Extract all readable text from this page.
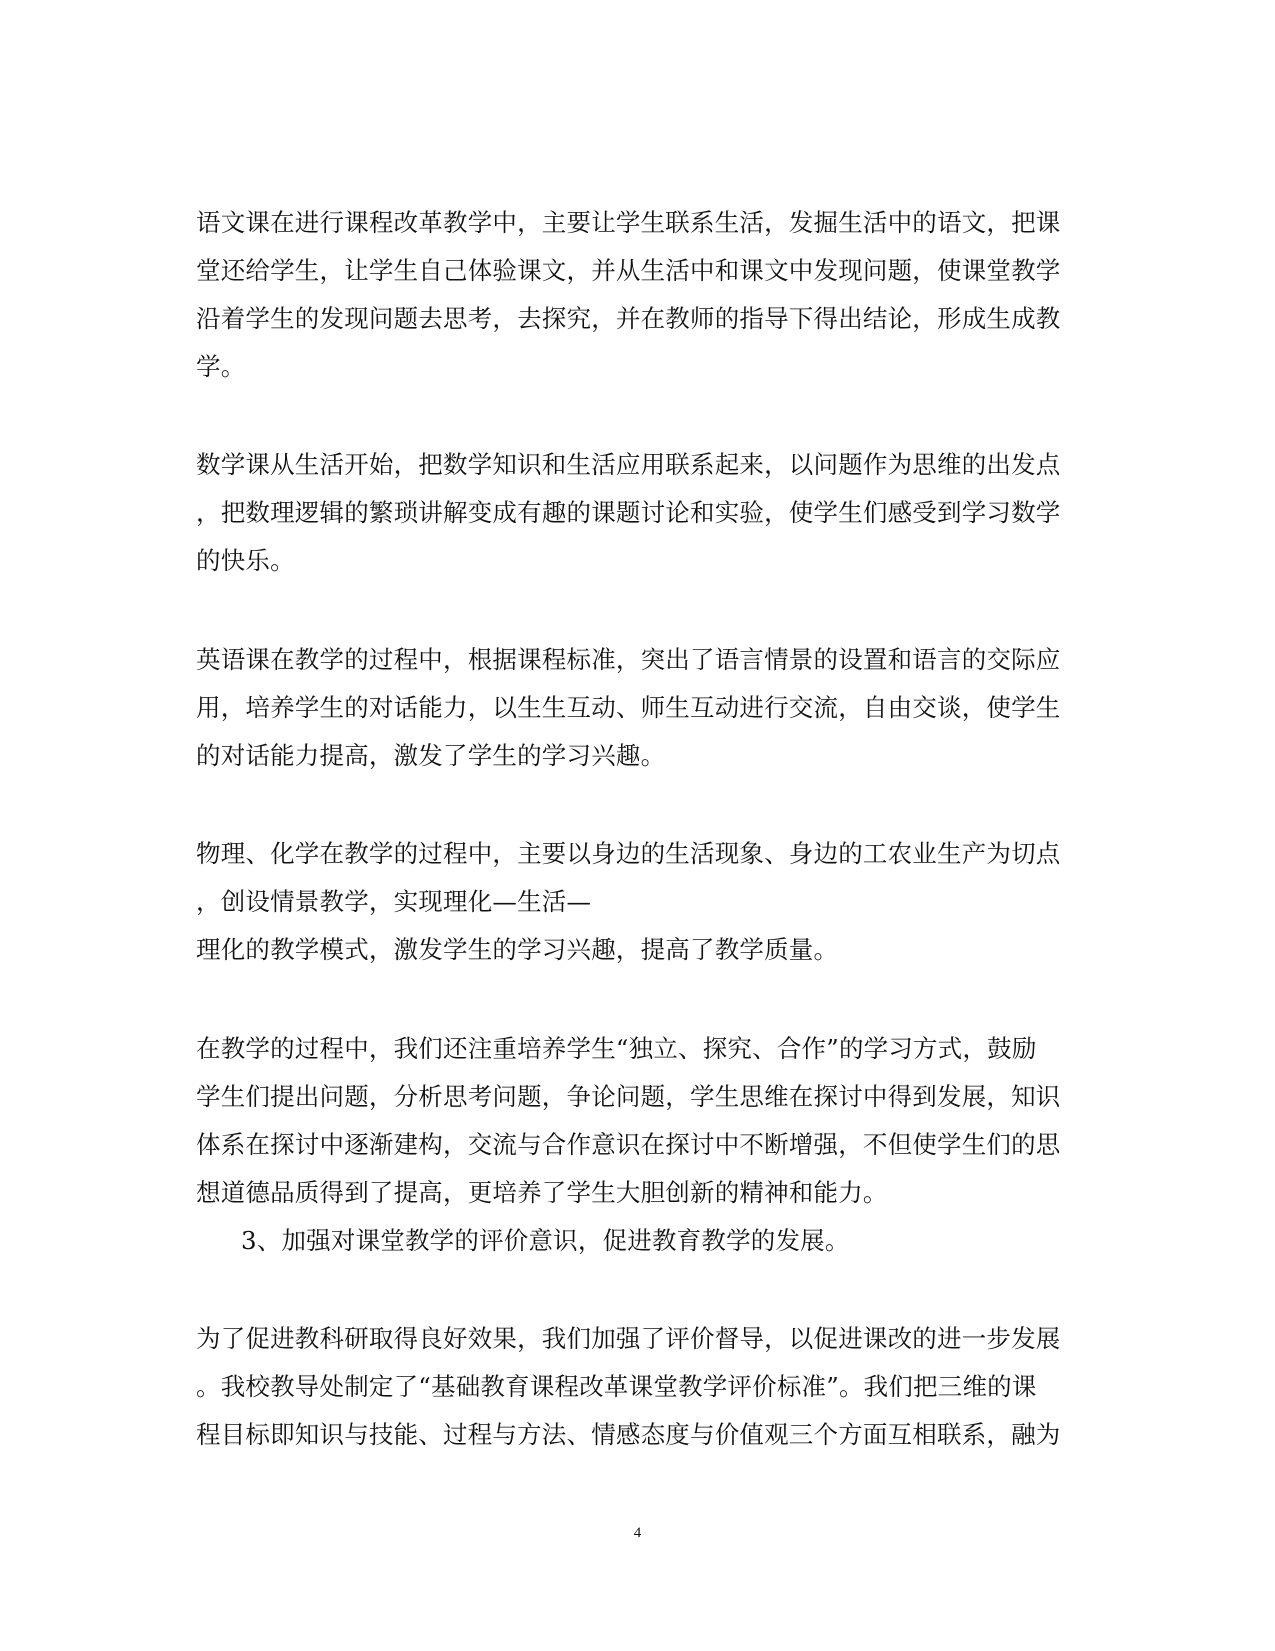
语文课在进行课程改革教学中，主要让学生联系生活，发掘生活中的语文，把课
堂还给学生，让学生自己体验课文，并从生活中和课文中发现问题，使课堂教学
沿着学生的发现问题去思考，去探究，并在教师的指导下得出结论，形成生成教
学。
数学课从生活开始，把数学知识和生活应用联系起来，以问题作为思维的出发点
，把数理逻辑的繁琐讲解变成有趣的课题讨论和实验，使学生们感受到学习数学
的快乐。
英语课在教学的过程中，根据课程标准，突出了语言情景的设置和语言的交际应
用，培养学生的对话能力，以生生互动、师生互动进行交流，自由交谈，使学生
的对话能力提高，激发了学生的学习兴趣。
物理、化学在教学的过程中，主要以身边的生活现象、身边的工农业生产为切点
，创设情景教学，实现理化—生活—
理化的教学模式，激发学生的学习兴趣，提高了教学质量。
在教学的过程中，我们还注重培养学生“独立、探究、合作”的学习方式，鼓励
学生们提出问题，分析思考问题，争论问题，学生思维在探讨中得到发展，知识
体系在探讨中逐渐建构，交流与合作意识在探讨中不断增强，不但使学生们的思
想道德品质得到了提高，更培养了学生大胆创新的精神和能力。
3、加强对课堂教学的评价意识，促进教育教学的发展。
为了促进教科研取得良好效果，我们加强了评价督导，以促进课改的进一步发展
。我校教导处制定了“基础教育课程改革课堂教学评价标准”。我们把三维的课
程目标即知识与技能、过程与方法、情感态度与价值观三个方面互相联系，融为
4
